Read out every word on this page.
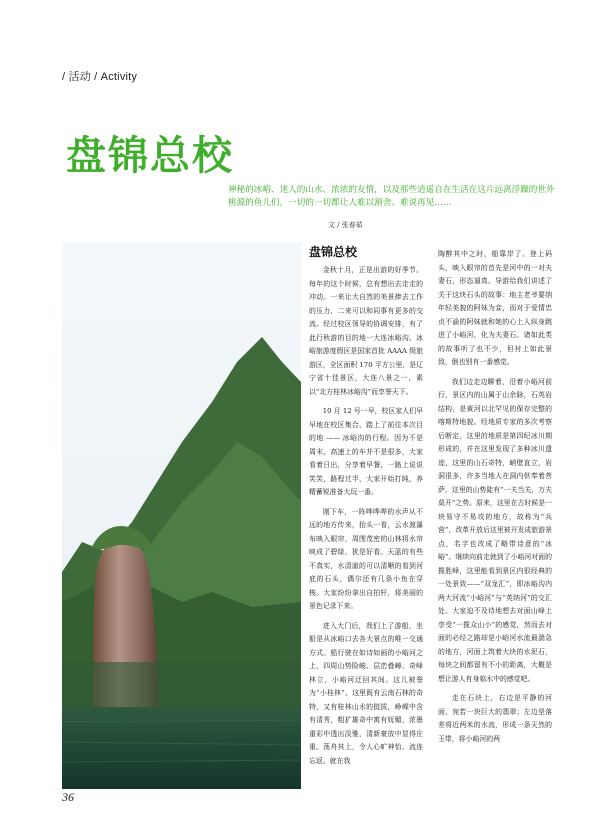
/ 活动 / Activity
盘锦总校
神秘的冰峪、迷人的山水、浓浓的友情，以及那些逍遥自在生活在这片远离浮躁的世外桃源的鱼儿们，一切的一切都让人难以割舍、难说再见……
文 / 张春茹
盘锦总校

金秋十月，正是出游的好季节。每年的这个时候，总有想出去走走的冲动。一来让大自然的美景捧去工作的压力，二来可以和同事有更多的交流。经过校区领导的协调安排，有了此行秋游的目的地一大连冰峪沟。冰峪旅游度假区是国家首批 AAAA 级旅游区，全区面积 170 平方公里，是辽宁省十佳景区，大连八景之一，素以“北方桂林冰峪沟”而享誉天下。

10 月 12 号一早，校区家人们早早地在校区集合，踏上了前往本次目的地 —— 冰峪沟的行程。因为不是周末，高速上的车并不是很多，大家看着日出，分享着早餐，一路上说说笑笑，路程过半，大家开始打盹，养精蓄锐准备大玩一番。

刚下车，一阵哗哗哗的水声从不远的地方传来，抬头一看，云水渡瀑布映入眼帘，周围茂密的山林将水帘映成了碧绿，犹是好看。天蓝的有些不真实，水清澈的可以清晰的看到河底的石头，偶尔还有几条小鱼在穿梭。大家纷纷拿出自拍杆，将美丽的景色记录下来。

进入大门后，我们上了游船，坐船是从冰峪口去各大景点的唯一交通方式。船行驶在如诗如画的小峪河之上，四周山势险峻、层峦叠嶂、奇峰林立，小峪河迂回其间。这儿被誉为“小桂林”。这里既有云南石林的奇特，又有桂林山水的挺拔，峥嵘中含有清秀，粗犷雄奇中寓有妩媚，浓墨重彩中透出淡雅，清新豪放中显得庄重。荡舟其上，令人心旷神怡、流连忘返。就在我

陶醉其中之时，船靠岸了。登上码头，映入眼帘的首先是河中的一对夫妻石，形态逼真。导游给我们讲述了关于这块石头的故事：地主老爷要纳年轻美貌的阿妹为妾，而对于爱情忠贞不渝的阿妹就和她的心上人纵身跳进了小峪河，化为夫妻石。诸如此类的故事听了也不少，但衬上如此景致，倒也别有一番感觉。

我们边走边聊着，沿着小峪河前行，景区内的山属于山余脉，石英岩结构，是黄河以北罕见的保存完整的喀斯特地貌。经地质专家的多次考察后断定，这里的地质是第四纪冰川期形成的，并在这里发现了多种冰川遗迹，这里的山石奇特，峭壁直立，岩洞很多，许多当地人在洞内供奉着菩萨。这里的山势陡有“一夫当关，万夫莫开”之势。原来，这里在古时候是一块易守不易攻的地方，故称为“兵营”，改革开放后这里被开发成旅游景点，名字也改成了略带诗意的“冰峪”。继续向前走就到了小峪河对面的揽胜峰，这里能看到景区内很经典的一处景致——“双龙汇”，即冰峪沟内两大河流“小峪河”与“英纳河”的交汇处。大家迫不及待地想去对面山峰上享受“一揽众山小”的感觉，然而去对面的必经之路却是小峪河水流最湍急的地方，河面上筑着大块的水泥石，每块之间都留有不小的距离，大概是想让游人有身临水中的感觉吧。

走在石块上，右边是平静的河面，宛若一块巨大的翡翠；左边是落差将近两米的水流，形成一条天然的玉带，将小峪河的两

36
